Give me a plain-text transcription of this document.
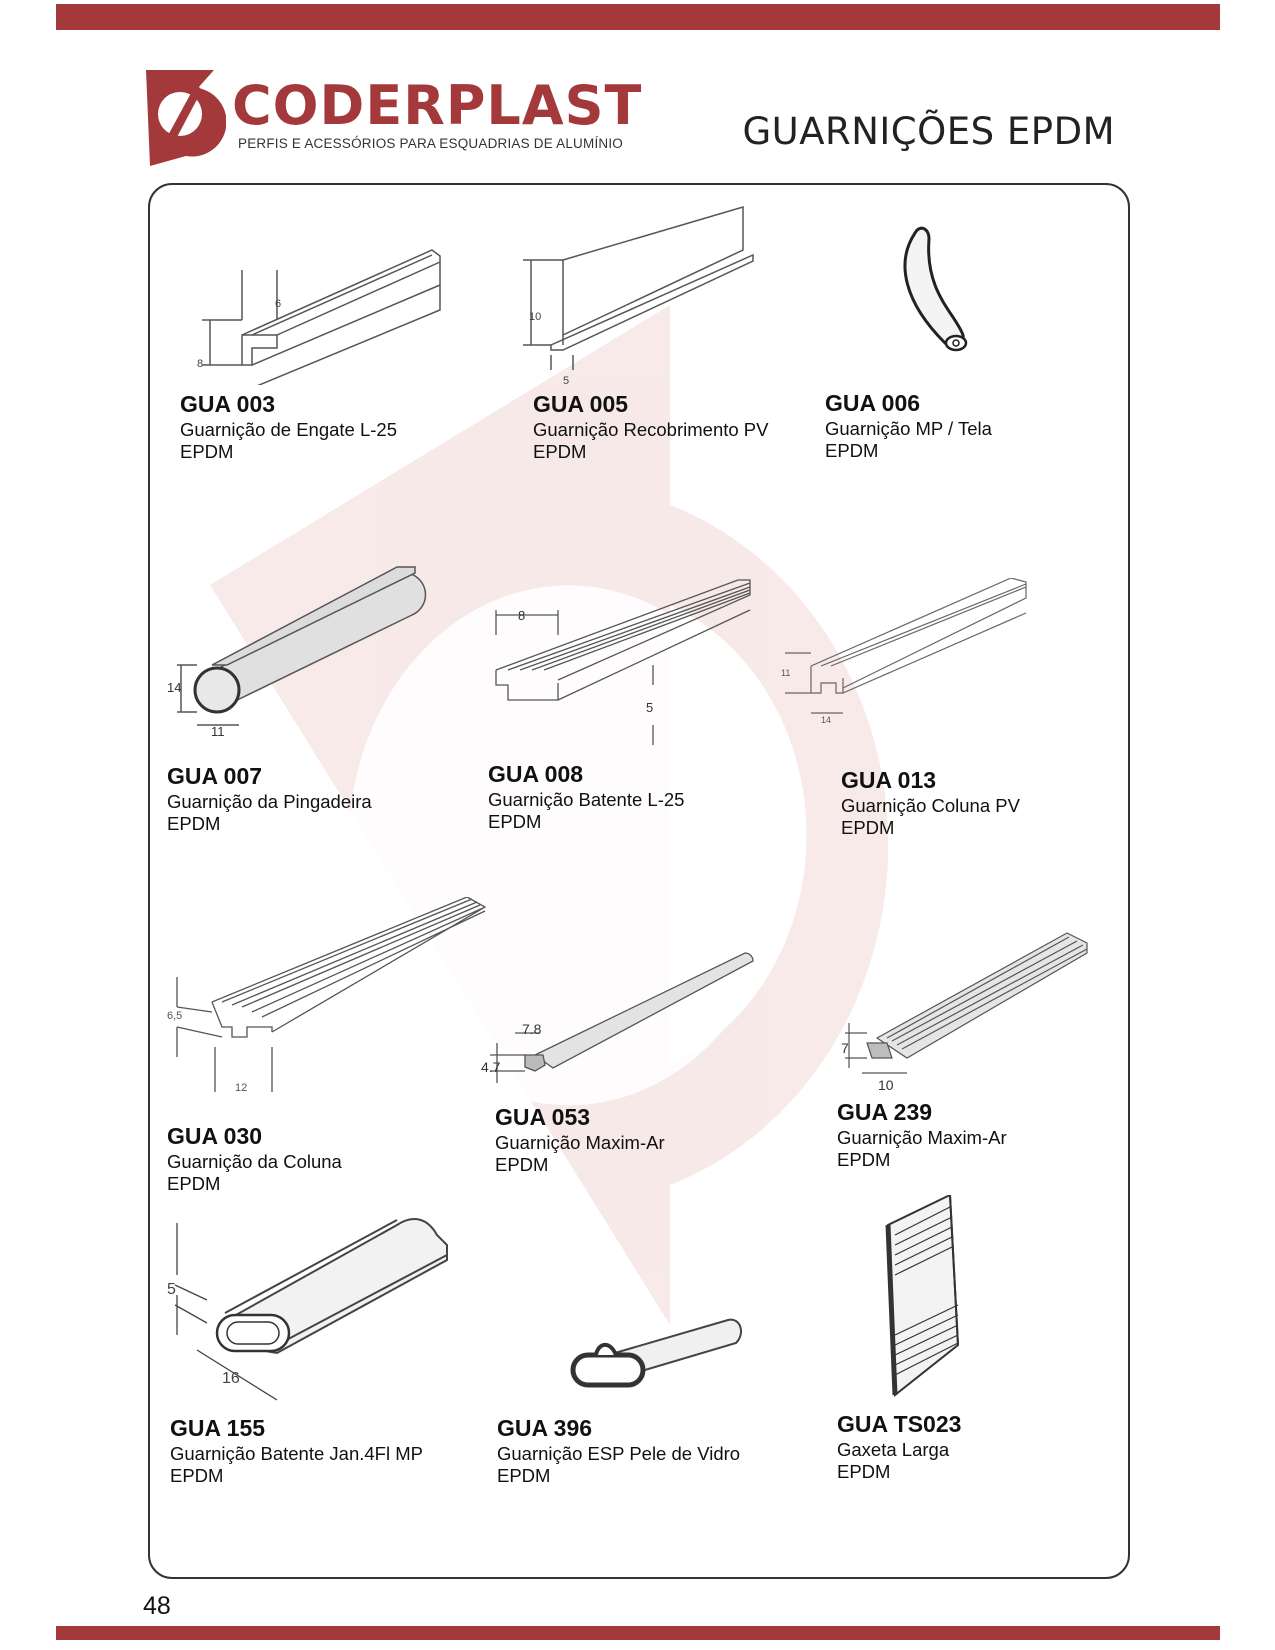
CODERPLAST
PERFIS E ACESSÓRIOS PARA ESQUADRIAS DE ALUMÍNIO	GUARNIÇÕES EPDM
6
8
GUA 003
Guarnição de Engate L-25
EPDM
10
5
GUA 005
Guarnição Recobrimento PV
EPDM
GUA 006
Guarnição MP / Tela
EPDM
14
11
GUA 007
Guarnição da Pingadeira
EPDM
8
5
GUA 008
Guarnição Batente L-25
EPDM
11
14
GUA 013
Guarnição Coluna PV
EPDM
6,5
12
GUA 030
Guarnição da Coluna
EPDM
7.8
4.7
GUA 053
Guarnição Maxim-Ar
EPDM
7
10
GUA 239
Guarnição Maxim-Ar
EPDM
5
16
GUA 155
Guarnição Batente Jan.4Fl MP
EPDM
GUA 396
Guarnição ESP Pele de Vidro
EPDM
GUA TS023
Gaxeta Larga
EPDM
48
